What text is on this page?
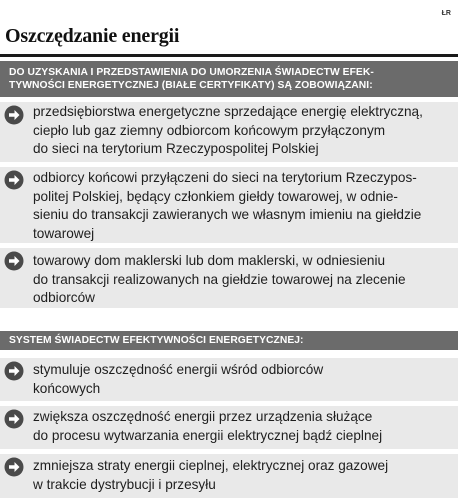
ŁR
Oszczędzanie energii
DO UZYSKANIA I PRZEDSTAWIENIA DO UMORZENIA ŚWIADECTW EFEK-
TYWNOŚCI ENERGETYCZNEJ (BIAŁE CERTYFIKATY) SĄ ZOBOWIĄZANI:
przedsiębiorstwa energetyczne sprzedające energię elektryczną,
ciepło lub gaz ziemny odbiorcom końcowym przyłączonym
do sieci na terytorium Rzeczypospolitej Polskiej
odbiorcy końcowi przyłączeni do sieci na terytorium Rzeczypos-
politej Polskiej, będący członkiem giełdy towarowej, w odnie-
sieniu do transakcji zawieranych we własnym imieniu na giełdzie
towarowej
towarowy dom maklerski lub dom maklerski, w odniesieniu
do transakcji realizowanych na giełdzie towarowej na zlecenie
odbiorców
SYSTEM ŚWIADECTW EFEKTYWNOŚCI ENERGETYCZNEJ:
stymuluje oszczędność energii wśród odbiorców
końcowych
zwiększa oszczędność energii przez urządzenia służące
do procesu wytwarzania energii elektrycznej bądź cieplnej
zmniejsza straty energii cieplnej, elektrycznej oraz gazowej
w trakcie dystrybucji i przesyłu
